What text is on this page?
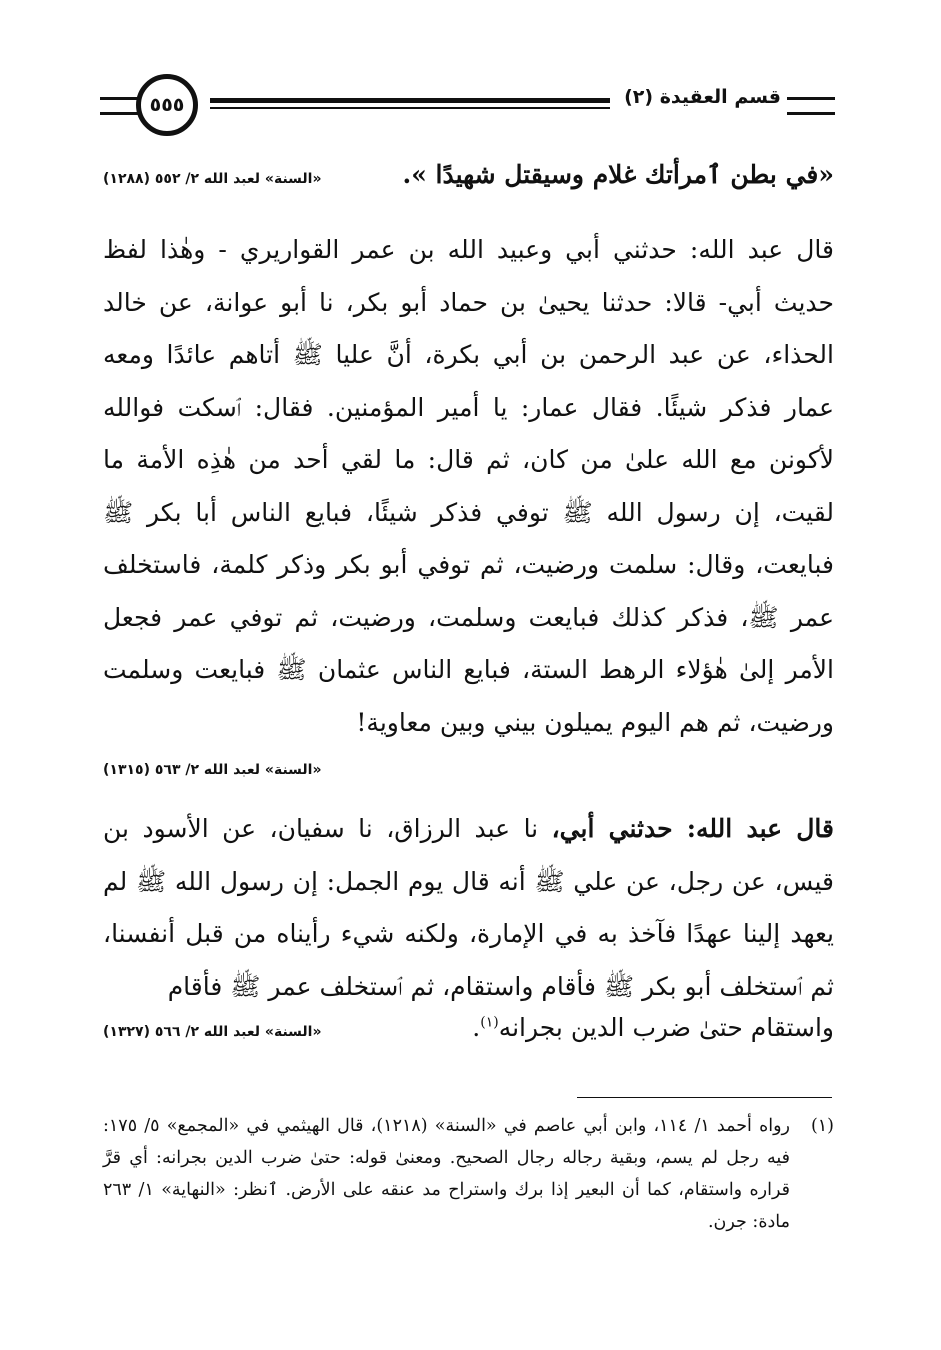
قسم العقيدة (٢)
٥٥٥
«في بطن ٱمرأتك غلام وسيقتل شهيدًا ».
«السنة» لعبد الله ٢/ ٥٥٢ (١٢٨٨)

قال عبد الله: حدثني أبي وعبيد الله بن عمر القواريري - وهٰذا لفظ حديث أبي- قالا: حدثنا يحيىٰ بن حماد أبو بكر، نا أبو عوانة، عن خالد الحذاء، عن عبد الرحمن بن أبي بكرة، أنَّ عليا ﷺ أتاهم عائدًا ومعه عمار فذكر شيئًا. فقال عمار: يا أمير المؤمنين. فقال: ٱسكت فوالله لأكونن مع الله علىٰ من كان، ثم قال: ما لقي أحد من هٰذِه الأمة ما لقيت، إن رسول الله ﷺ توفي فذكر شيئًا، فبايع الناس أبا بكر ﷺ فبايعت، وقال: سلمت ورضيت، ثم توفي أبو بكر وذكر كلمة، فاستخلف عمر ﷺ، فذكر كذلك فبايعت وسلمت، ورضيت، ثم توفي عمر فجعل الأمر إلىٰ هٰؤلاء الرهط الستة، فبايع الناس عثمان ﷺ فبايعت وسلمت ورضيت، ثم هم اليوم يميلون بيني وبين معاوية!

«السنة» لعبد الله ٢/ ٥٦٣ (١٣١٥)

قال عبد الله: حدثني أبي، نا عبد الرزاق، نا سفيان، عن الأسود بن قيس، عن رجل، عن علي ﷺ أنه قال يوم الجمل: إن رسول الله ﷺ لم يعهد إلينا عهدًا فآخذ به في الإمارة، ولكنه شيء رأيناه من قبل أنفسنا، ثم ٱستخلف أبو بكر ﷺ فأقام واستقام، ثم ٱستخلف عمر ﷺ فأقام

واستقام حتىٰ ضرب الدين بجرانه$^{(١)}$.
«السنة» لعبد الله ٢/ ٥٦٦ (١٣٢٧)
(١)
رواه أحمد ١/ ١١٤، وابن أبي عاصم في «السنة» (١٢١٨)، قال الهيثمي في «المجمع» ٥/ ١٧٥: فيه رجل لم يسم، وبقية رجاله رجال الصحيح. ومعنىٰ قوله: حتىٰ ضرب الدين بجرانه: أي قرَّ قراره واستقام، كما أن البعير إذا برك واستراح مد عنقه على الأرض. ٱنظر: «النهاية» ١/ ٢٦٣ مادة: جرن.
